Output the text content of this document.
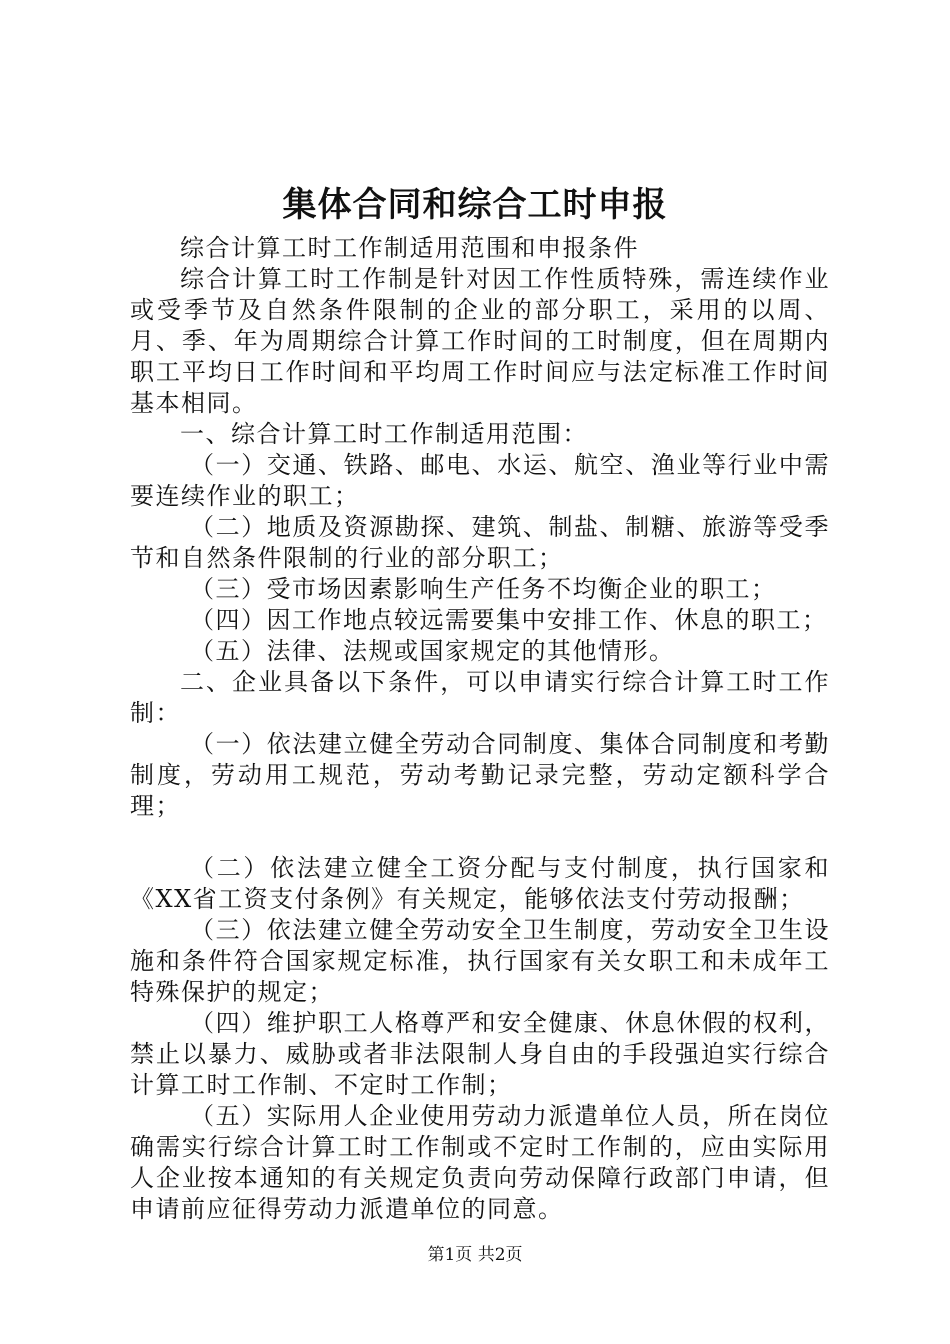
集体合同和综合工时申报

综合计算工时工作制适用范围和申报条件

综合计算工时工作制是针对因工作性质特殊，需连续作业或受季节及自然条件限制的企业的部分职工，采用的以周、月、季、年为周期综合计算工作时间的工时制度，但在周期内职工平均日工作时间和平均周工作时间应与法定标准工作时间基本相同。

一、综合计算工时工作制适用范围：

（一）交通、铁路、邮电、水运、航空、渔业等行业中需要连续作业的职工；

（二）地质及资源勘探、建筑、制盐、制糖、旅游等受季节和自然条件限制的行业的部分职工；

（三）受市场因素影响生产任务不均衡企业的职工；

（四）因工作地点较远需要集中安排工作、休息的职工；

（五）法律、法规或国家规定的其他情形。

二、企业具备以下条件，可以申请实行综合计算工时工作制：

（一）依法建立健全劳动合同制度、集体合同制度和考勤制度，劳动用工规范，劳动考勤记录完整，劳动定额科学合理；

（二）依法建立健全工资分配与支付制度，执行国家和《XX省工资支付条例》有关规定，能够依法支付劳动报酬；

（三）依法建立健全劳动安全卫生制度，劳动安全卫生设施和条件符合国家规定标准，执行国家有关女职工和未成年工特殊保护的规定；

（四）维护职工人格尊严和安全健康、休息休假的权利，禁止以暴力、威胁或者非法限制人身自由的手段强迫实行综合计算工时工作制、不定时工作制；

（五）实际用人企业使用劳动力派遣单位人员，所在岗位确需实行综合计算工时工作制或不定时工作制的，应由实际用人企业按本通知的有关规定负责向劳动保障行政部门申请，但申请前应征得劳动力派遣单位的同意。

第1页 共2页
